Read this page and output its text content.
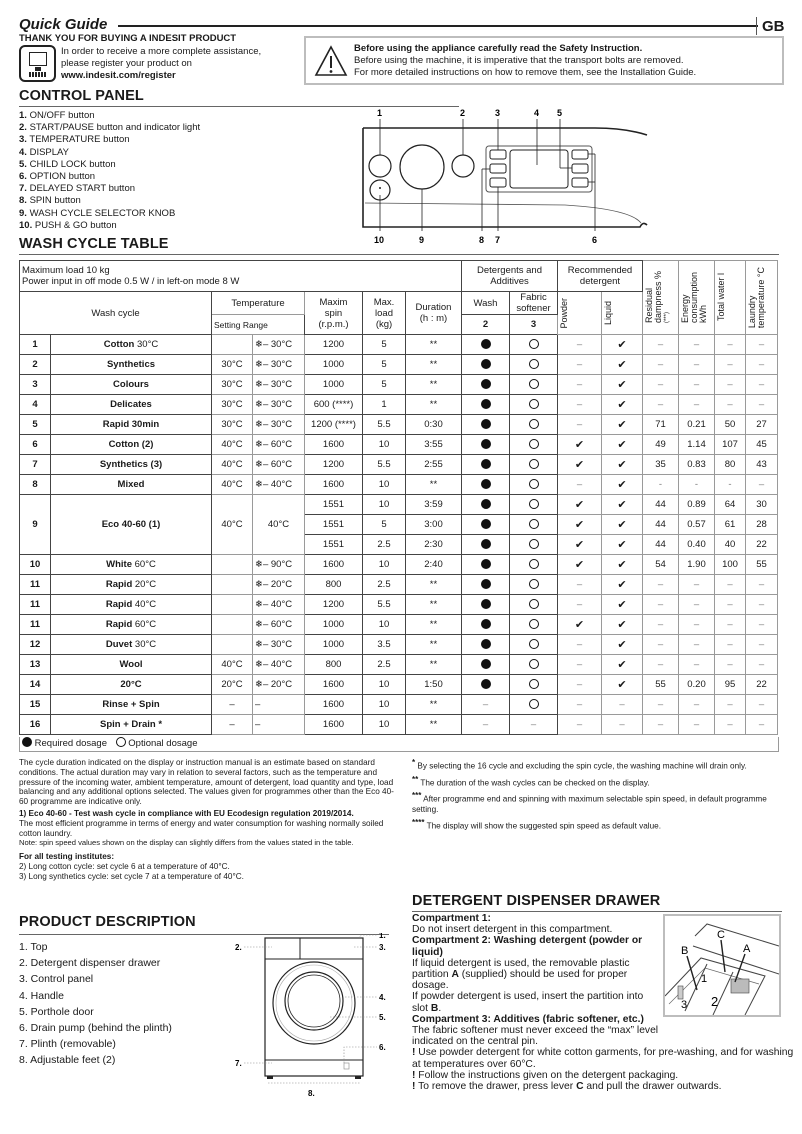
Quick Guide	GB
THANK YOU FOR BUYING A INDESIT PRODUCT
In order to receive a more complete assistance,
please register your product on
www.indesit.com/register
Before using the appliance carefully read the Safety Instruction.
Before using the machine, it is imperative that the transport bolts are removed.
For more detailed instructions on how to remove them, see the Installation Guide.
CONTROL PANEL
1. ON/OFF button
2. START/PAUSE button and indicator light
3. TEMPERATURE button
4. DISPLAY
5. CHILD LOCK button
6. OPTION button
7. DELAYED START button
8. SPIN button
9. WASH CYCLE SELECTOR KNOB
10. PUSH & GO button
1	2	3	4 5
10	9	8 7	6
WASH CYCLE TABLE
Maximum load 10 kg
Power input in off mode 0.5 W / in left-on mode 8 W

Detergents and
Additives

Recommended
detergent

Residual
dampness %
(***)	Energy
consumption
kWh	Total water l	Laundry
temperature °C

Wash cycle		Temperature		Maxim
spin
(r.p.m.)	Max.
load
(kg)	Duration
(h : m)	Wash	Fabric
softener	Powder	Liquid				

		Setting Range					2	3						
1	Cotton 30°C		❄– 30°C	1200	5	**			–	✔	–	–	–	–
2	Synthetics	30°C	❄– 30°C	1000	5	**			–	✔	–	–	–	–
3	Colours	30°C	❄– 30°C	1000	5	**			–	✔	–	–	–	–
4	Delicates	30°C	❄– 30°C	600 (****)	1	**			–	✔	–	–	–	–
5	Rapid 30min	30°C	❄– 30°C	1200 (****)	5.5	0:30			–	✔	71	0.21	50	27
6	Cotton (2)	40°C	❄– 60°C	1600	10	3:55			✔	✔	49	1.14	107	45
7	Synthetics (3)	40°C	❄– 60°C	1200	5.5	2:55			✔	✔	35	0.83	80	43
8	Mixed	40°C	❄– 40°C	1600	10	**			–	✔	-	-	-	–
9	Eco 40-60 (1)	40°C	40°C	1551	10	3:59			✔	✔	44	0.89	64	30
				1551	5	3:00			✔	✔	44	0.57	61	28
				1551	2.5	2:30			✔	✔	44	0.40	40	22
10	White 60°C		❄– 90°C	1600	10	2:40			✔	✔	54	1.90	100	55
11	Rapid 20°C		❄– 20°C	800	2.5	**			–	✔	–	–	–	–
11	Rapid 40°C		❄– 40°C	1200	5.5	**			–	✔	–	–	–	–
11	Rapid 60°C		❄– 60°C	1000	10	**			✔	✔	–	–	–	–
12	Duvet 30°C		❄– 30°C	1000	3.5	**			–	✔	–	–	–	–
13	Wool	40°C	❄– 40°C	800	2.5	**			–	✔	–	–	–	–
14	20°C	20°C	❄– 20°C	1600	10	1:50			–	✔	55	0.20	95	22
15	Rinse + Spin	–	–	1600	10	**	–		–	–	–	–	–	–
16	Spin + Drain *	–	–	1600	10	**	–	–	–	–	–	–	–	–
Required dosage Optional dosage

The cycle duration indicated on the display or instruction manual is an estimate based on standard conditions. The actual duration may vary in relation to several factors, such as the temperature and pressure of the incoming water, ambient temperature, amount of detergent, load quantity and type, load balancing and any additional options selected. The values given for programmes other than the Eco 40-60 programme are indicative only.

1) Eco 40-60 - Test wash cycle in compliance with EU Ecodesign regulation 2019/2014.
The most efficient programme in terms of energy and water consumption for washing normally soiled cotton laundry.
Note: spin speed values shown on the display can slightly differs from the values stated in the table.

For all testing institutes:
2) Long cotton cycle: set cycle 6 at a temperature of 40°C.
3) Long synthetics cycle: set cycle 7 at a temperature of 40°C.

* By selecting the 16 cycle and excluding the spin cycle, the washing machine will drain only.

** The duration of the wash cycles can be checked on the display.

*** After programme end and spinning with maximum selectable spin speed, in default programme setting.

**** The display will show the suggested spin speed as default value.

PRODUCT DESCRIPTION
1. Top
2. Detergent dispenser drawer
3. Control panel
4. Handle
5. Porthole door
6. Drain pump (behind the plinth)
7. Plinth (removable)
8. Adjustable feet (2)
1.
2.	3.
4.
5.
6.
7.
8.
DETERGENT DISPENSER DRAWER
Compartment 1:
Do not insert detergent in this compartment.
Compartment 2: Washing detergent (powder or liquid)
If liquid detergent is used, the removable plastic partition A (supplied) should be used for proper dosage.
If powder detergent is used, insert the partition into slot B.
Compartment 3: Additives (fabric softener, etc.)
The fabric softener must never exceed the “max” level indicated on the central pin.
! Use powder detergent for white cotton garments, for pre-washing, and for washing at temperatures over 60°C.
! Follow the instructions given on the detergent packaging.
! To remove the drawer, press lever C and pull the drawer outwards.
B
C
A
1
2
3
